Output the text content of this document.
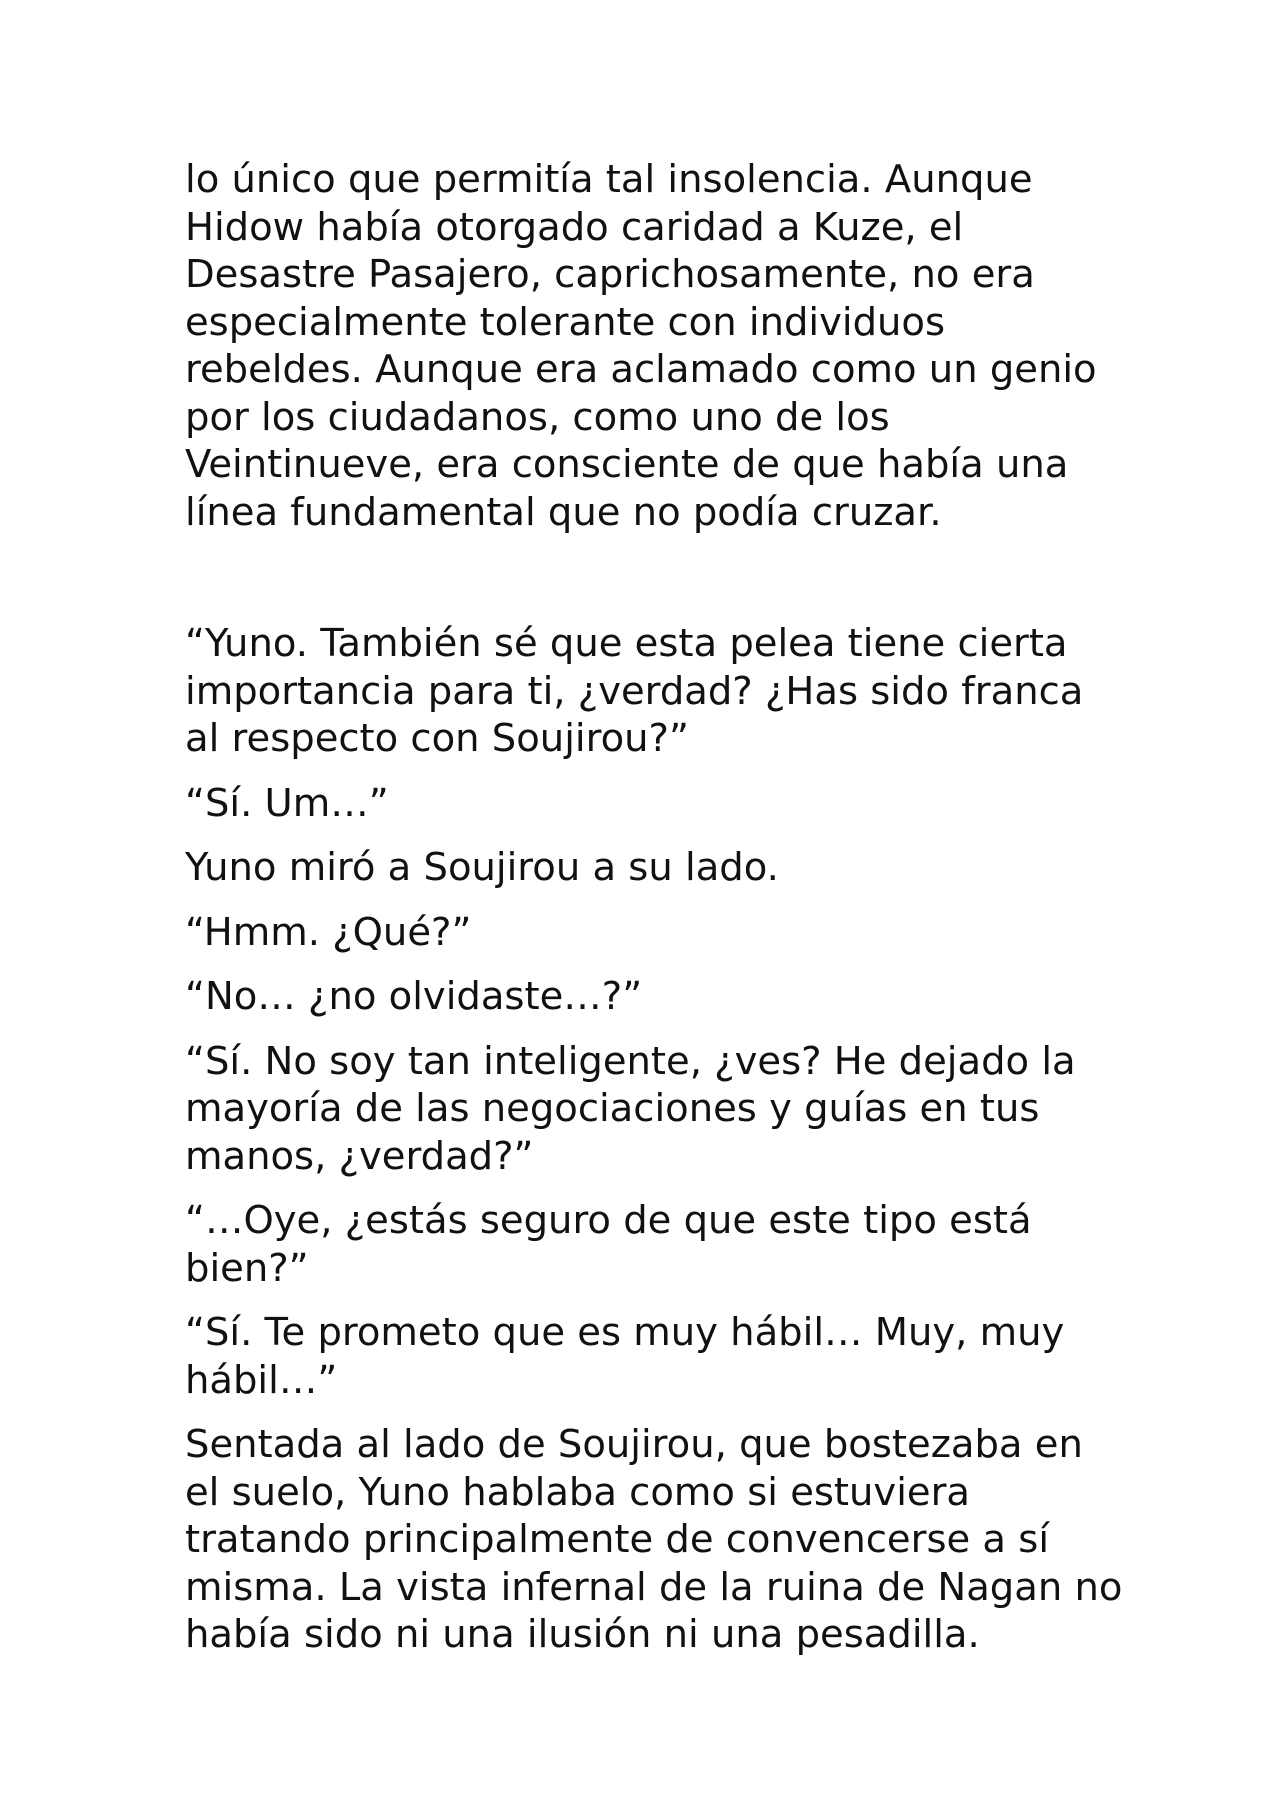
lo único que permitía tal insolencia. Aunque Hidow había otorgado caridad a Kuze, el Desastre Pasajero, caprichosamente, no era especialmente tolerante con individuos rebeldes. Aunque era aclamado como un genio por los ciudadanos, como uno de los Veintinueve, era consciente de que había una línea fundamental que no podía cruzar.

“Yuno. También sé que esta pelea tiene cierta importancia para ti, ¿verdad? ¿Has sido franca al respecto con Soujirou?”

“Sí. Um…”

Yuno miró a Soujirou a su lado.

“Hmm. ¿Qué?”

“No… ¿no olvidaste…?”

“Sí. No soy tan inteligente, ¿ves? He dejado la mayoría de las negociaciones y guías en tus manos, ¿verdad?”

“…Oye, ¿estás seguro de que este tipo está bien?”

“Sí. Te prometo que es muy hábil… Muy, muy hábil…”

Sentada al lado de Soujirou, que bostezaba en el suelo, Yuno hablaba como si estuviera tratando principalmente de convencerse a sí misma. La vista infernal de la ruina de Nagan no había sido ni una ilusión ni una pesadilla.
